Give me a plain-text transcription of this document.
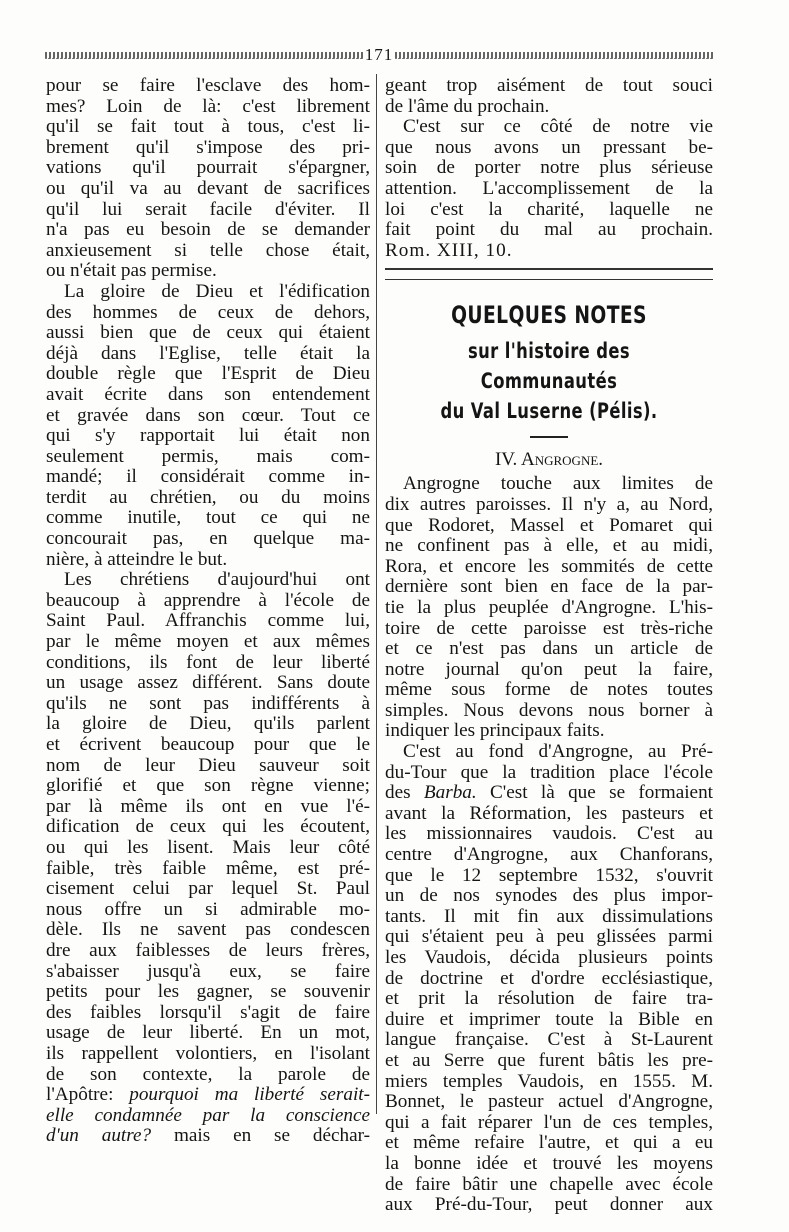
171
pour se faire l'esclave des hom-
mes? Loin de là: c'est librement
qu'il se fait tout à tous, c'est li-
brement qu'il s'impose des pri-
vations qu'il pourrait s'épargner,
ou qu'il va au devant de sacrifices
qu'il lui serait facile d'éviter. Il
n'a pas eu besoin de se demander
anxieusement si telle chose était,
ou n'était pas permise.
La gloire de Dieu et l'édification
des hommes de ceux de dehors,
aussi bien que de ceux qui étaient
déjà dans l'Eglise, telle était la
double règle que l'Esprit de Dieu
avait écrite dans son entendement
et gravée dans son cœur. Tout ce
qui s'y rapportait lui était non
seulement permis, mais com-
mandé; il considérait comme in-
terdit au chrétien, ou du moins
comme inutile, tout ce qui ne
concourait pas, en quelque ma-
nière, à atteindre le but.
Les chrétiens d'aujourd'hui ont
beaucoup à apprendre à l'école de
Saint Paul. Affranchis comme lui,
par le même moyen et aux mêmes
conditions, ils font de leur liberté
un usage assez différent. Sans doute
qu'ils ne sont pas indifférents à
la gloire de Dieu, qu'ils parlent
et écrivent beaucoup pour que le
nom de leur Dieu sauveur soit
glorifié et que son règne vienne;
par là même ils ont en vue l'é-
dification de ceux qui les écoutent,
ou qui les lisent. Mais leur côté
faible, très faible même, est pré-
cisement celui par lequel St. Paul
nous offre un si admirable mo-
dèle. Ils ne savent pas condescen
dre aux faiblesses de leurs frères,
s'abaisser jusqu'à eux, se faire
petits pour les gagner, se souvenir
des faibles lorsqu'il s'agit de faire
usage de leur liberté. En un mot,
ils rappellent volontiers, en l'isolant
de son contexte, la parole de
l'Apôtre: pourquoi ma liberté serait-
elle condamnée par la conscience
d'un autre? mais en se déchar-
geant trop aisément de tout souci
de l'âme du prochain.
C'est sur ce côté de notre vie
que nous avons un pressant be-
soin de porter notre plus sérieuse
attention. L'accomplissement de la
loi c'est la charité, laquelle ne
fait point du mal au prochain.
Rom. XIII, 10.
QUELQUES NOTES
sur l'histoire des Communautés
du Val Luserne (Pélis).
IV. Angrogne.
Angrogne touche aux limites de
dix autres paroisses. Il n'y a, au Nord,
que Rodoret, Massel et Pomaret qui
ne confinent pas à elle, et au midi,
Rora, et encore les sommités de cette
dernière sont bien en face de la par-
tie la plus peuplée d'Angrogne. L'his-
toire de cette paroisse est très-riche
et ce n'est pas dans un article de
notre journal qu'on peut la faire,
même sous forme de notes toutes
simples. Nous devons nous borner à
indiquer les principaux faits.
C'est au fond d'Angrogne, au Pré-
du-Tour que la tradition place l'école
des Barba. C'est là que se formaient
avant la Réformation, les pasteurs et
les missionnaires vaudois. C'est au
centre d'Angrogne, aux Chanforans,
que le 12 septembre 1532, s'ouvrit
un de nos synodes des plus impor-
tants. Il mit fin aux dissimulations
qui s'étaient peu à peu glissées parmi
les Vaudois, décida plusieurs points
de doctrine et d'ordre ecclésiastique,
et prit la résolution de faire tra-
duire et imprimer toute la Bible en
langue française. C'est à St-Laurent
et au Serre que furent bâtis les pre-
miers temples Vaudois, en 1555. M.
Bonnet, le pasteur actuel d'Angrogne,
qui a fait réparer l'un de ces temples,
et même refaire l'autre, et qui a eu
la bonne idée et trouvé les moyens
de faire bâtir une chapelle avec école
aux Pré-du-Tour, peut donner aux
